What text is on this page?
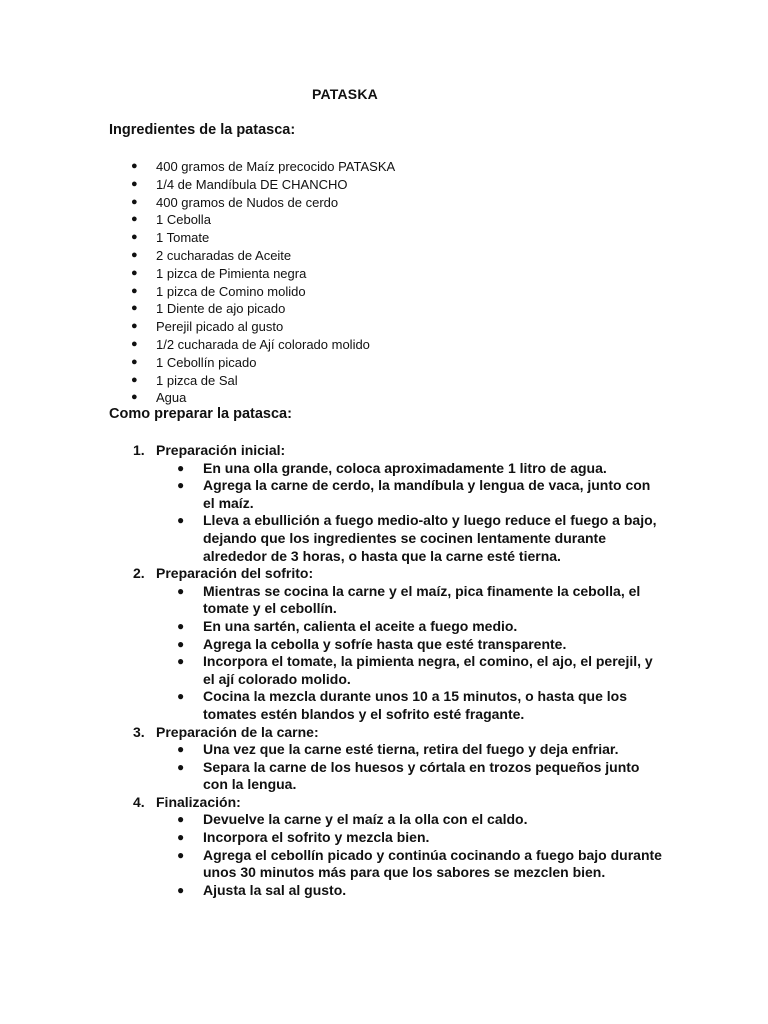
PATASKA
Ingredientes de la patasca:
● 400 gramos de Maíz precocido PATASKA
● 1/4 de Mandíbula DE CHANCHO
● 400 gramos de Nudos de cerdo
● 1 Cebolla
● 1 Tomate
● 2 cucharadas de Aceite
● 1 pizca de Pimienta negra
● 1 pizca de Comino molido
● 1 Diente de ajo picado
● Perejil picado al gusto
● 1/2 cucharada de Ají colorado molido
● 1 Cebollín picado
● 1 pizca de Sal
● Agua
Como preparar la patasca:
1. Preparación inicial:
● En una olla grande, coloca aproximadamente 1 litro de agua.
● Agrega la carne de cerdo, la mandíbula y lengua de vaca, junto con el maíz.
● Lleva a ebullición a fuego medio-alto y luego reduce el fuego a bajo, dejando que los ingredientes se cocinen lentamente durante alrededor de 3 horas, o hasta que la carne esté tierna.
2. Preparación del sofrito:
● Mientras se cocina la carne y el maíz, pica finamente la cebolla, el tomate y el cebollín.
● En una sartén, calienta el aceite a fuego medio.
● Agrega la cebolla y sofríe hasta que esté transparente.
● Incorpora el tomate, la pimienta negra, el comino, el ajo, el perejil, y el ají colorado molido.
● Cocina la mezcla durante unos 10 a 15 minutos, o hasta que los tomates estén blandos y el sofrito esté fragante.
3. Preparación de la carne:
● Una vez que la carne esté tierna, retira del fuego y deja enfriar.
● Separa la carne de los huesos y córtala en trozos pequeños junto con la lengua.
4. Finalización:
● Devuelve la carne y el maíz a la olla con el caldo.
● Incorpora el sofrito y mezcla bien.
● Agrega el cebollín picado y continúa cocinando a fuego bajo durante unos 30 minutos más para que los sabores se mezclen bien.
● Ajusta la sal al gusto.
